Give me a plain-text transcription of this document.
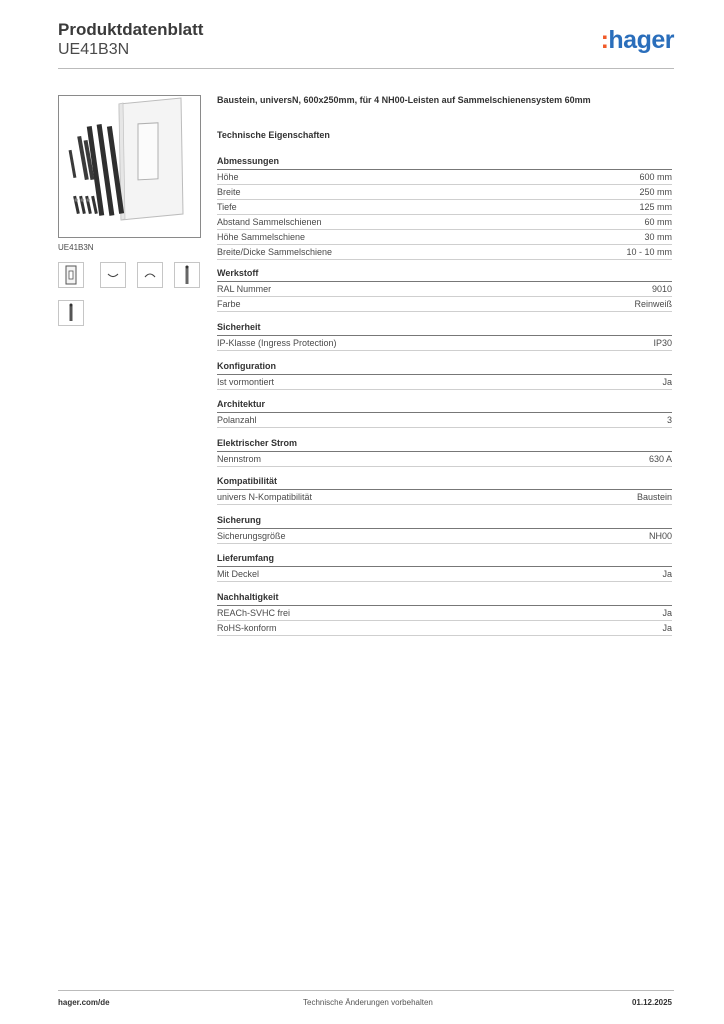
Produktdatenblatt
UE41B3N	:hager
UE41B3N
Baustein, universN, 600x250mm, für 4 NH00-Leisten auf Sammelschienensystem 60mm
Technische Eigenschaften
Abmessungen
Höhe	600 mm
Breite	250 mm
Tiefe	125 mm
Abstand Sammelschienen	60 mm
Höhe Sammelschiene	30 mm
Breite/Dicke Sammelschiene	10 - 10 mm
Werkstoff
RAL Nummer	9010
Farbe	Reinweiß
Sicherheit
IP-Klasse (Ingress Protection)	IP30
Konfiguration
Ist vormontiert	Ja
Architektur
Polanzahl	3
Elektrischer Strom
Nennstrom	630 A
Kompatibilität
univers N-Kompatibilität	Baustein
Sicherung
Sicherungsgröße	NH00
Lieferumfang
Mit Deckel	Ja
Nachhaltigkeit
REACh-SVHC frei	Ja
RoHS-konform	Ja
hager.com/de	Technische Änderungen vorbehalten	01.12.2025
